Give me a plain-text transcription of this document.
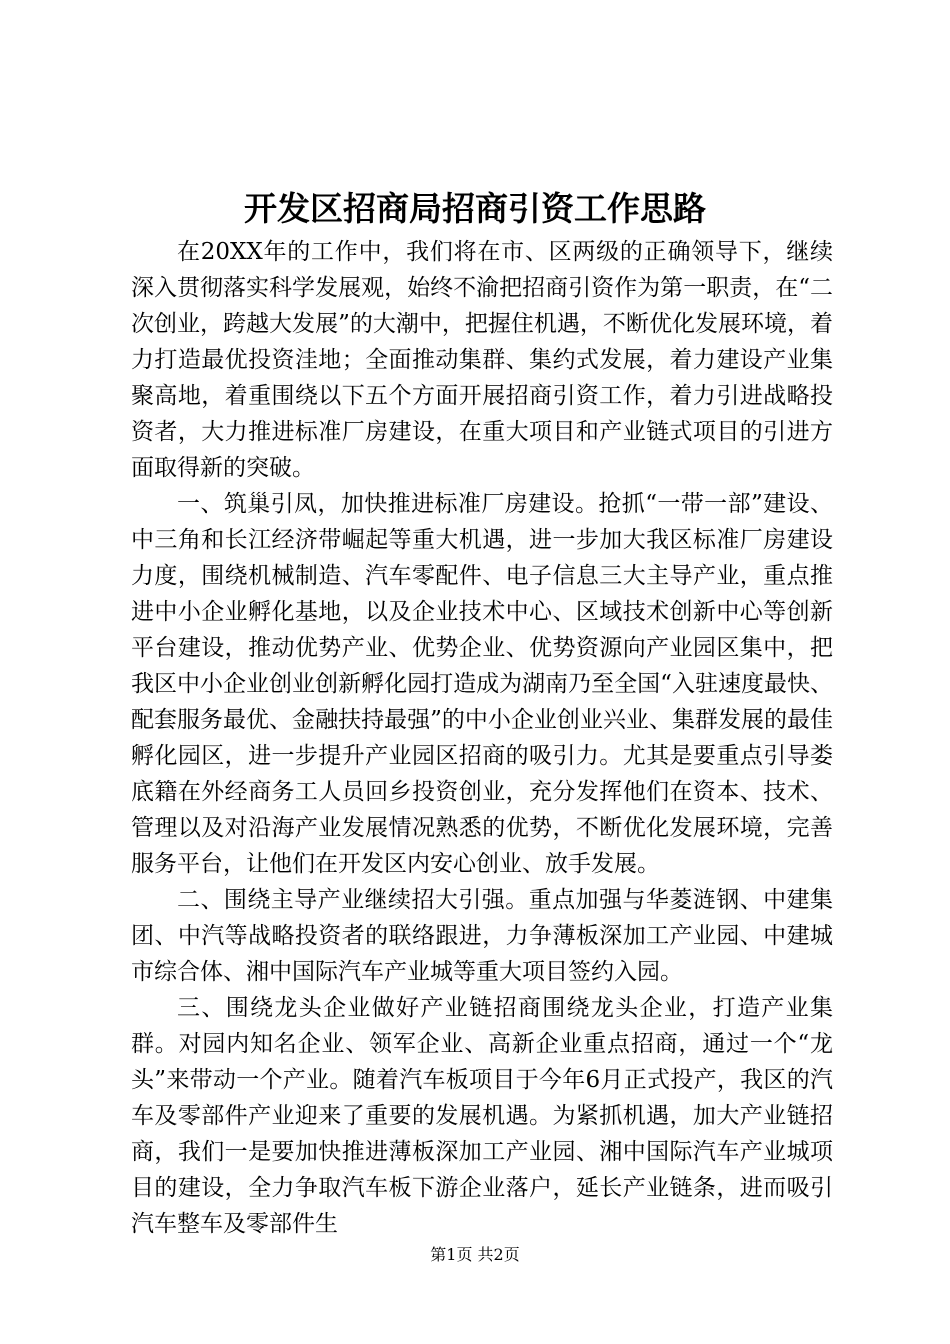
开发区招商局招商引资工作思路

在20XX年的工作中，我们将在市、区两级的正确领导下，继续深入贯彻落实科学发展观，始终不渝把招商引资作为第一职责，在“二次创业，跨越大发展”的大潮中，把握住机遇，不断优化发展环境，着力打造最优投资洼地；全面推动集群、集约式发展，着力建设产业集聚高地，着重围绕以下五个方面开展招商引资工作，着力引进战略投资者，大力推进标准厂房建设，在重大项目和产业链式项目的引进方面取得新的突破。

一、筑巢引凤，加快推进标准厂房建设。抢抓“一带一部”建设、中三角和长江经济带崛起等重大机遇，进一步加大我区标准厂房建设力度，围绕机械制造、汽车零配件、电子信息三大主导产业，重点推进中小企业孵化基地，以及企业技术中心、区域技术创新中心等创新平台建设，推动优势产业、优势企业、优势资源向产业园区集中，把我区中小企业创业创新孵化园打造成为湖南乃至全国“入驻速度最快、配套服务最优、金融扶持最强”的中小企业创业兴业、集群发展的最佳孵化园区，进一步提升产业园区招商的吸引力。尤其是要重点引导娄底籍在外经商务工人员回乡投资创业，充分发挥他们在资本、技术、管理以及对沿海产业发展情况熟悉的优势，不断优化发展环境，完善服务平台，让他们在开发区内安心创业、放手发展。

二、围绕主导产业继续招大引强。重点加强与华菱涟钢、中建集团、中汽等战略投资者的联络跟进，力争薄板深加工产业园、中建城市综合体、湘中国际汽车产业城等重大项目签约入园。

三、围绕龙头企业做好产业链招商围绕龙头企业，打造产业集群。对园内知名企业、领军企业、高新企业重点招商，通过一个“龙头”来带动一个产业。随着汽车板项目于今年6月正式投产，我区的汽车及零部件产业迎来了重要的发展机遇。为紧抓机遇，加大产业链招商，我们一是要加快推进薄板深加工产业园、湘中国际汽车产业城项目的建设，全力争取汽车板下游企业落户，延长产业链条，进而吸引汽车整车及零部件生

第1页 共2页
